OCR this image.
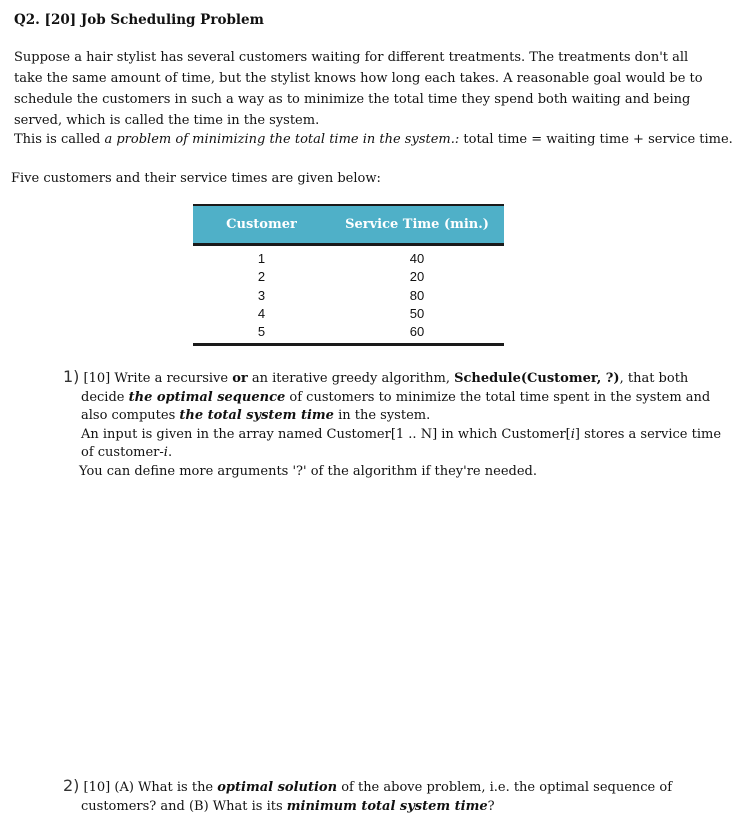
Q2. [20] Job Scheduling Problem
Suppose a hair stylist has several customers waiting for different treatments. The treatments don't all
take the same amount of time, but the stylist knows how long each takes. A reasonable goal would be to
schedule the customers in such a way as to minimize the total time they spend both waiting and being
served, which is called the time in the system.
This is called a problem of minimizing the total time in the system.: total time = waiting time + service time.
Five customers and their service times are given below:
Customer	Service Time (min.)
1	40
2	20
3	80
4	50
5	60
1) [10] Write a recursive or an iterative greedy algorithm, Schedule(Customer, ?), that both
decide the optimal sequence of customers to minimize the total time spent in the system and
also computes the total system time in the system.
An input is given in the array named Customer[1 .. N] in which Customer[i] stores a service time
of customer-i.
You can define more arguments '?' of the algorithm if they're needed.
2) [10] (A) What is the optimal solution of the above problem, i.e. the optimal sequence of
customers? and (B) What is its minimum total system time?
